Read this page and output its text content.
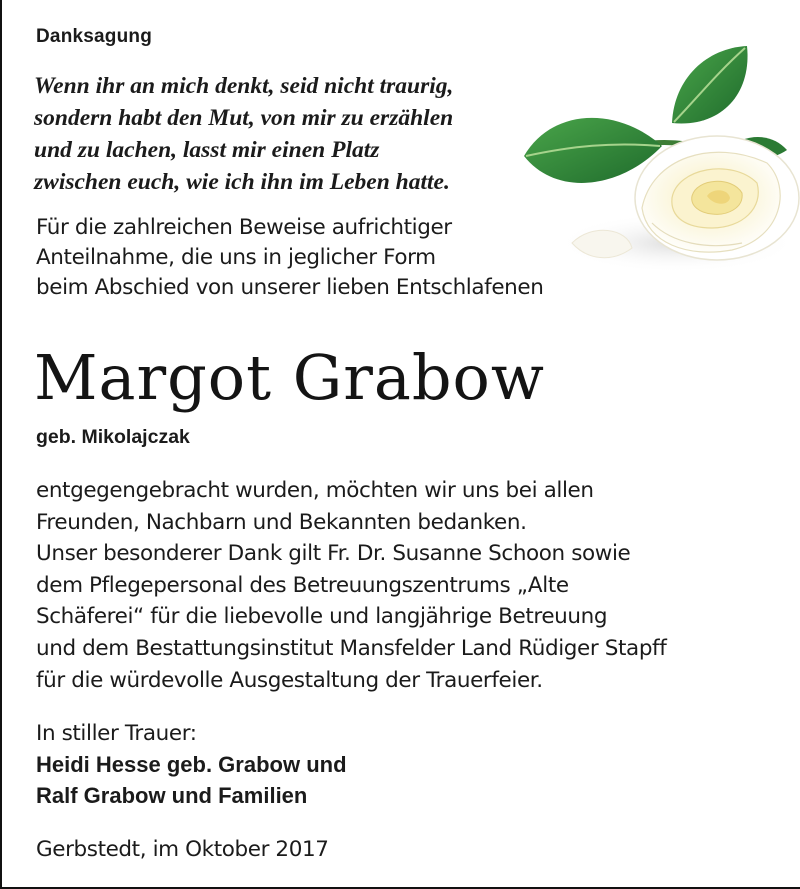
Danksagung
Wenn ihr an mich denkt, seid nicht traurig,
sondern habt den Mut, von mir zu erzählen
und zu lachen, lasst mir einen Platz
zwischen euch, wie ich ihn im Leben hatte.
Für die zahlreichen Beweise aufrichtiger
Anteilnahme, die uns in jeglicher Form
beim Abschied von unserer lieben Entschlafenen
Margot Grabow
geb. Mikolajczak
entgegengebracht wurden, möchten wir uns bei allen
Freunden, Nachbarn und Bekannten bedanken.
Unser besonderer Dank gilt Fr. Dr. Susanne Schoon sowie
dem Pflegepersonal des Betreuungszentrums „Alte
Schäferei“ für die liebevolle und langjährige Betreuung
und dem Bestattungsinstitut Mansfelder Land Rüdiger Stapff
für die würdevolle Ausgestaltung der Trauerfeier.
In stiller Trauer:
Heidi Hesse geb. Grabow und
Ralf Grabow und Familien
Gerbstedt, im Oktober 2017
